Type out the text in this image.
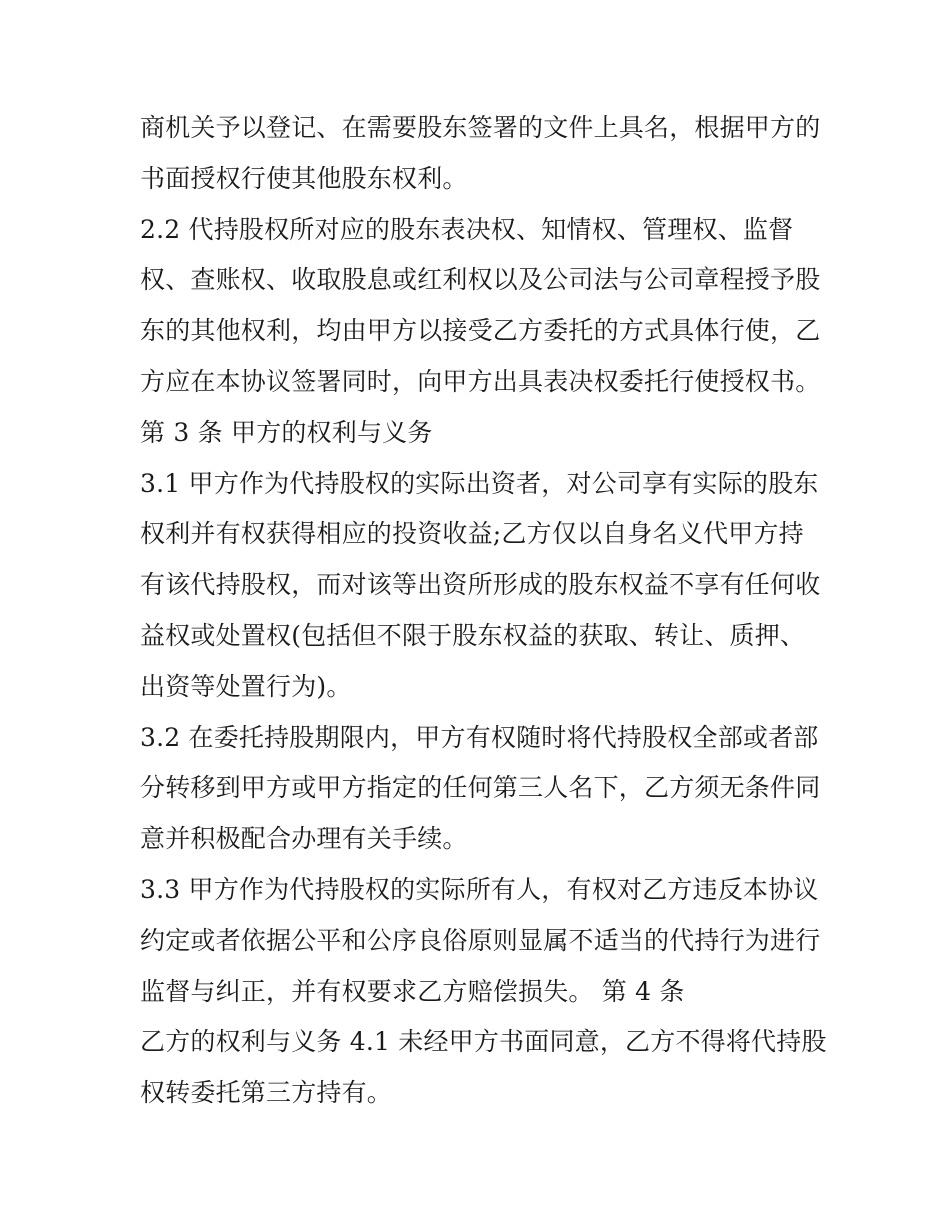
商机关予以登记、在需要股东签署的文件上具名，根据甲方的
书面授权行使其他股东权利。
2.2 代持股权所对应的股东表决权、知情权、管理权、监督
权、查账权、收取股息或红利权以及公司法与公司章程授予股
东的其他权利，均由甲方以接受乙方委托的方式具体行使，乙
方应在本协议签署同时，向甲方出具表决权委托行使授权书。
第 3 条 甲方的权利与义务
3.1 甲方作为代持股权的实际出资者，对公司享有实际的股东
权利并有权获得相应的投资收益;乙方仅以自身名义代甲方持
有该代持股权，而对该等出资所形成的股东权益不享有任何收
益权或处置权(包括但不限于股东权益的获取、转让、质押、
出资等处置行为)。
3.2 在委托持股期限内，甲方有权随时将代持股权全部或者部
分转移到甲方或甲方指定的任何第三人名下，乙方须无条件同
意并积极配合办理有关手续。
3.3 甲方作为代持股权的实际所有人，有权对乙方违反本协议
约定或者依据公平和公序良俗原则显属不适当的代持行为进行
监督与纠正，并有权要求乙方赔偿损失。 第 4 条
乙方的权利与义务 4.1 未经甲方书面同意，乙方不得将代持股
权转委托第三方持有。
